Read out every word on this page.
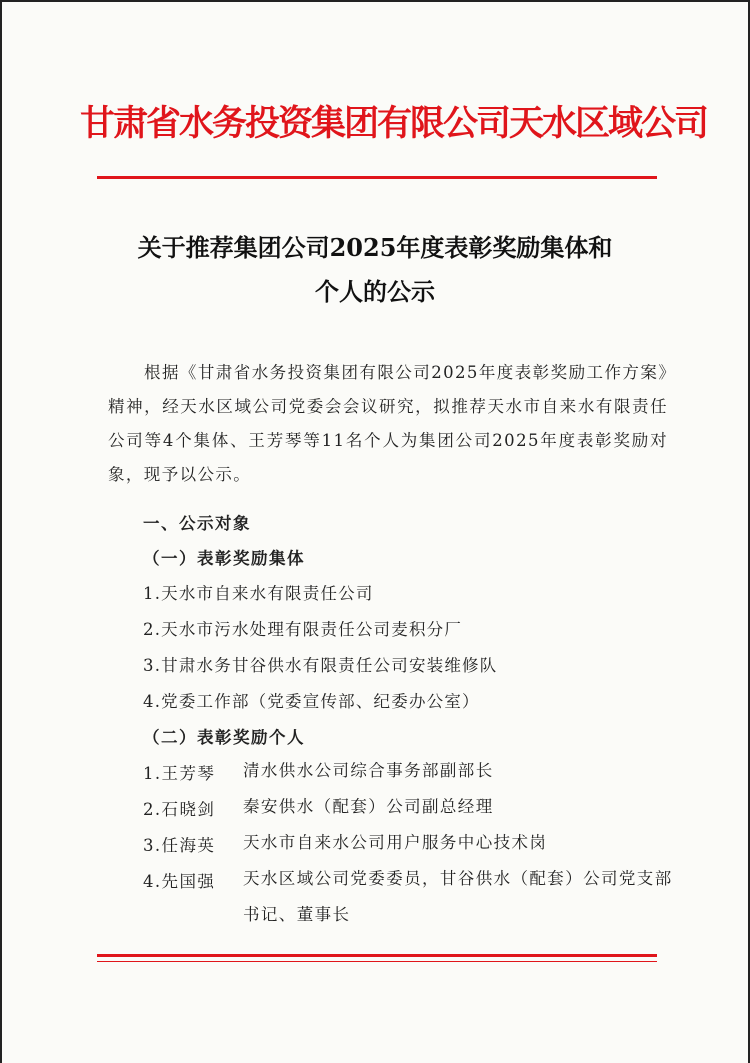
甘肃省水务投资集团有限公司天水区域公司
关于推荐集团公司2025年度表彰奖励集体和
个人的公示
根据《甘肃省水务投资集团有限公司2025年度表彰奖励工作方案》精神，经天水区域公司党委会会议研究，拟推荐天水市自来水有限责任公司等4个集体、王芳琴等11名个人为集团公司2025年度表彰奖励对象，现予以公示。
一、公示对象
（一）表彰奖励集体
1.天水市自来水有限责任公司
2.天水市污水处理有限责任公司麦积分厂
3.甘肃水务甘谷供水有限责任公司安装维修队
4.党委工作部（党委宣传部、纪委办公室）
（二）表彰奖励个人
1.王芳琴 清水供水公司综合事务部副部长
2.石晓剑 秦安供水（配套）公司副总经理
3.任海英 天水市自来水公司用户服务中心技术岗
4.先国强 天水区域公司党委委员，甘谷供水（配套）公司党支部书记、董事长
